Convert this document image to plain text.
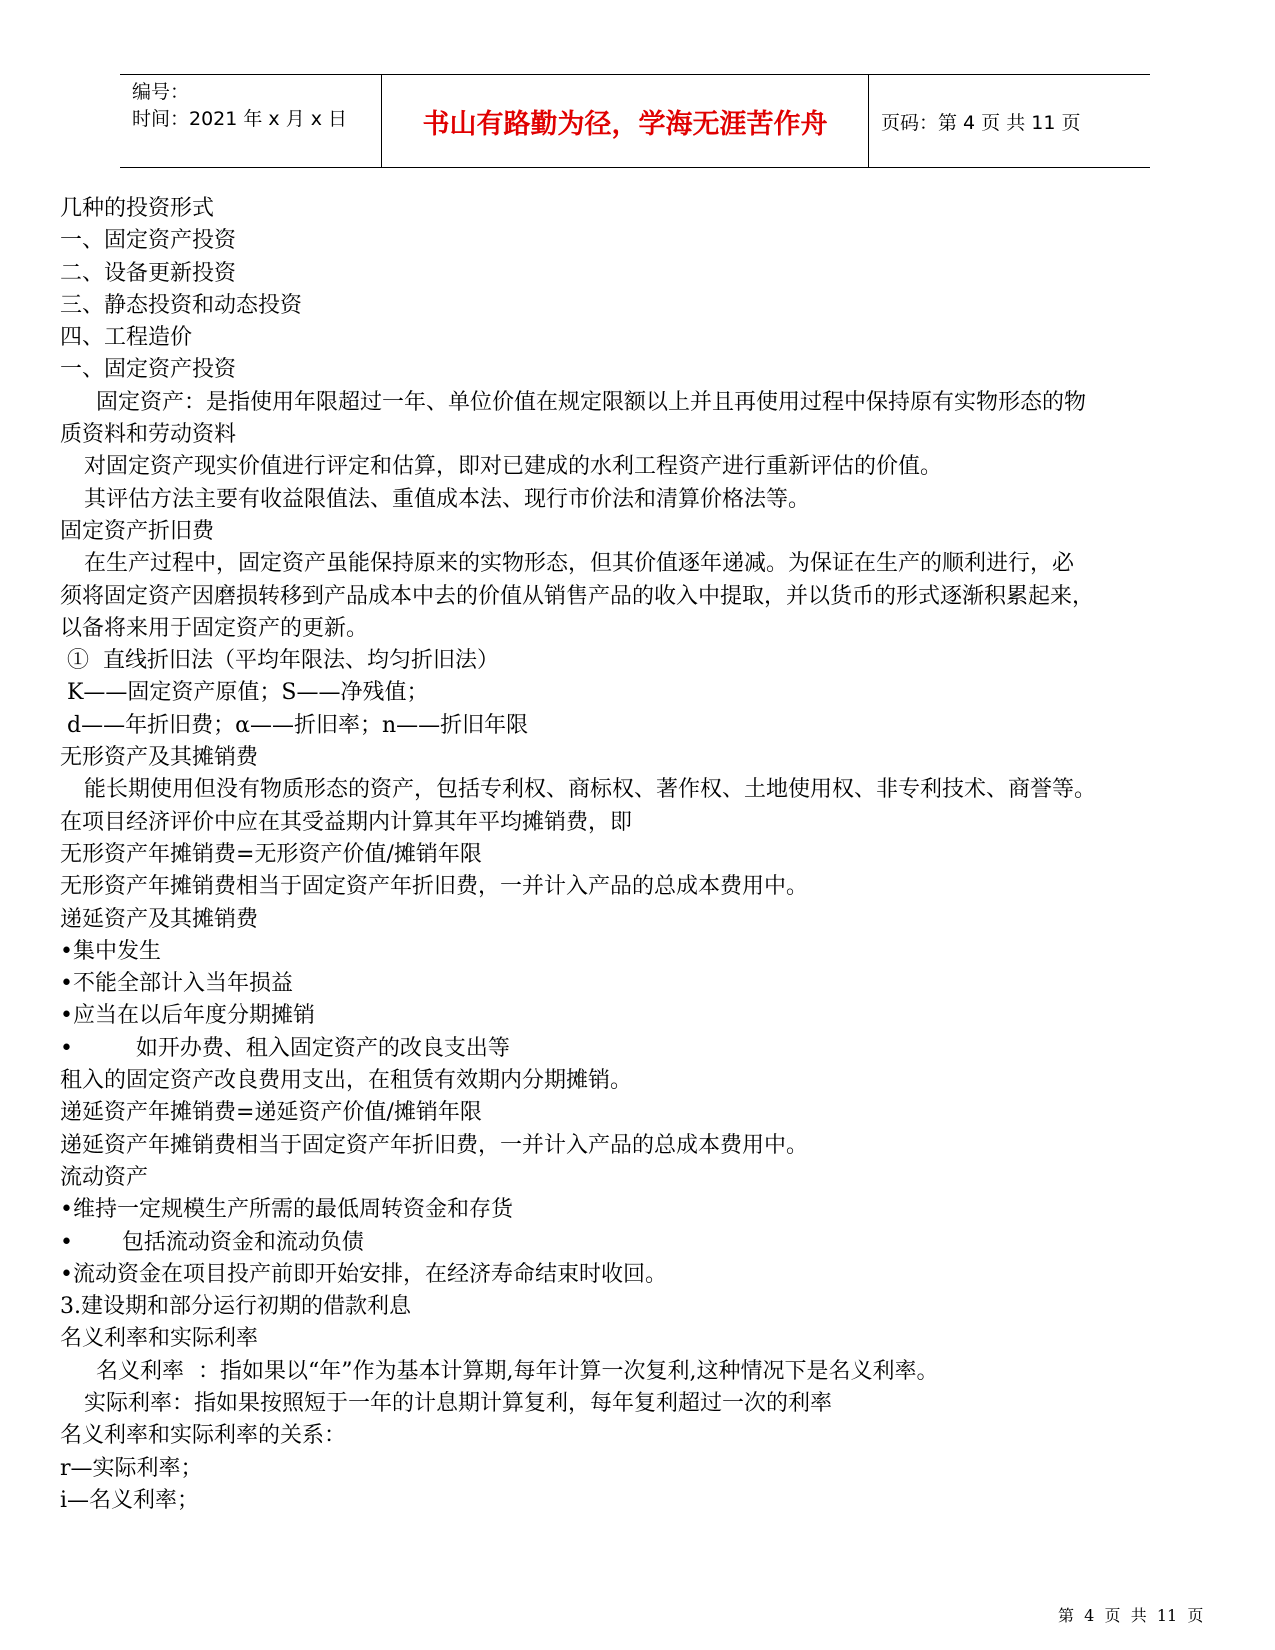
编号：
时间：2021 年 x 月 x 日	书山有路勤为径，学海无涯苦作舟	页码：第 4 页 共 11 页

几种的投资形式

一、固定资产投资

二、设备更新投资

三、静态投资和动态投资

四、工程造价

一、固定资产投资

固定资产：是指使用年限超过一年、单位价值在规定限额以上并且再使用过程中保持原有实物形态的物

质资料和劳动资料

对固定资产现实价值进行评定和估算，即对已建成的水利工程资产进行重新评估的价值。

其评估方法主要有收益限值法、重值成本法、现行市价法和清算价格法等。

固定资产折旧费

在生产过程中，固定资产虽能保持原来的实物形态，但其价值逐年递减。为保证在生产的顺利进行，必

须将固定资产因磨损转移到产品成本中去的价值从销售产品的收入中提取，并以货币的形式逐渐积累起来，

以备将来用于固定资产的更新。

①  直线折旧法（平均年限法、均匀折旧法）

K——固定资产原值；S——净残值；

d——年折旧费；α——折旧率；n——折旧年限

无形资产及其摊销费

能长期使用但没有物质形态的资产，包括专利权、商标权、著作权、土地使用权、非专利技术、商誉等。

在项目经济评价中应在其受益期内计算其年平均摊销费，即

无形资产年摊销费=无形资产价值/摊销年限

无形资产年摊销费相当于固定资产年折旧费，一并计入产品的总成本费用中。

递延资产及其摊销费

•集中发生

•不能全部计入当年损益

•应当在以后年度分期摊销

•         如开办费、租入固定资产的改良支出等

租入的固定资产改良费用支出，在租赁有效期内分期摊销。

递延资产年摊销费=递延资产价值/摊销年限

递延资产年摊销费相当于固定资产年折旧费，一并计入产品的总成本费用中。

流动资产

•维持一定规模生产所需的最低周转资金和存货

•       包括流动资金和流动负债

•流动资金在项目投产前即开始安排，在经济寿命结束时收回。

3.建设期和部分运行初期的借款利息

名义利率和实际利率

名义利率  ：指如果以“年”作为基本计算期,每年计算一次复利,这种情况下是名义利率。

实际利率：指如果按照短于一年的计息期计算复利，每年复利超过一次的利率

名义利率和实际利率的关系：

r—实际利率；

i—名义利率；

第  4  页  共  11  页
